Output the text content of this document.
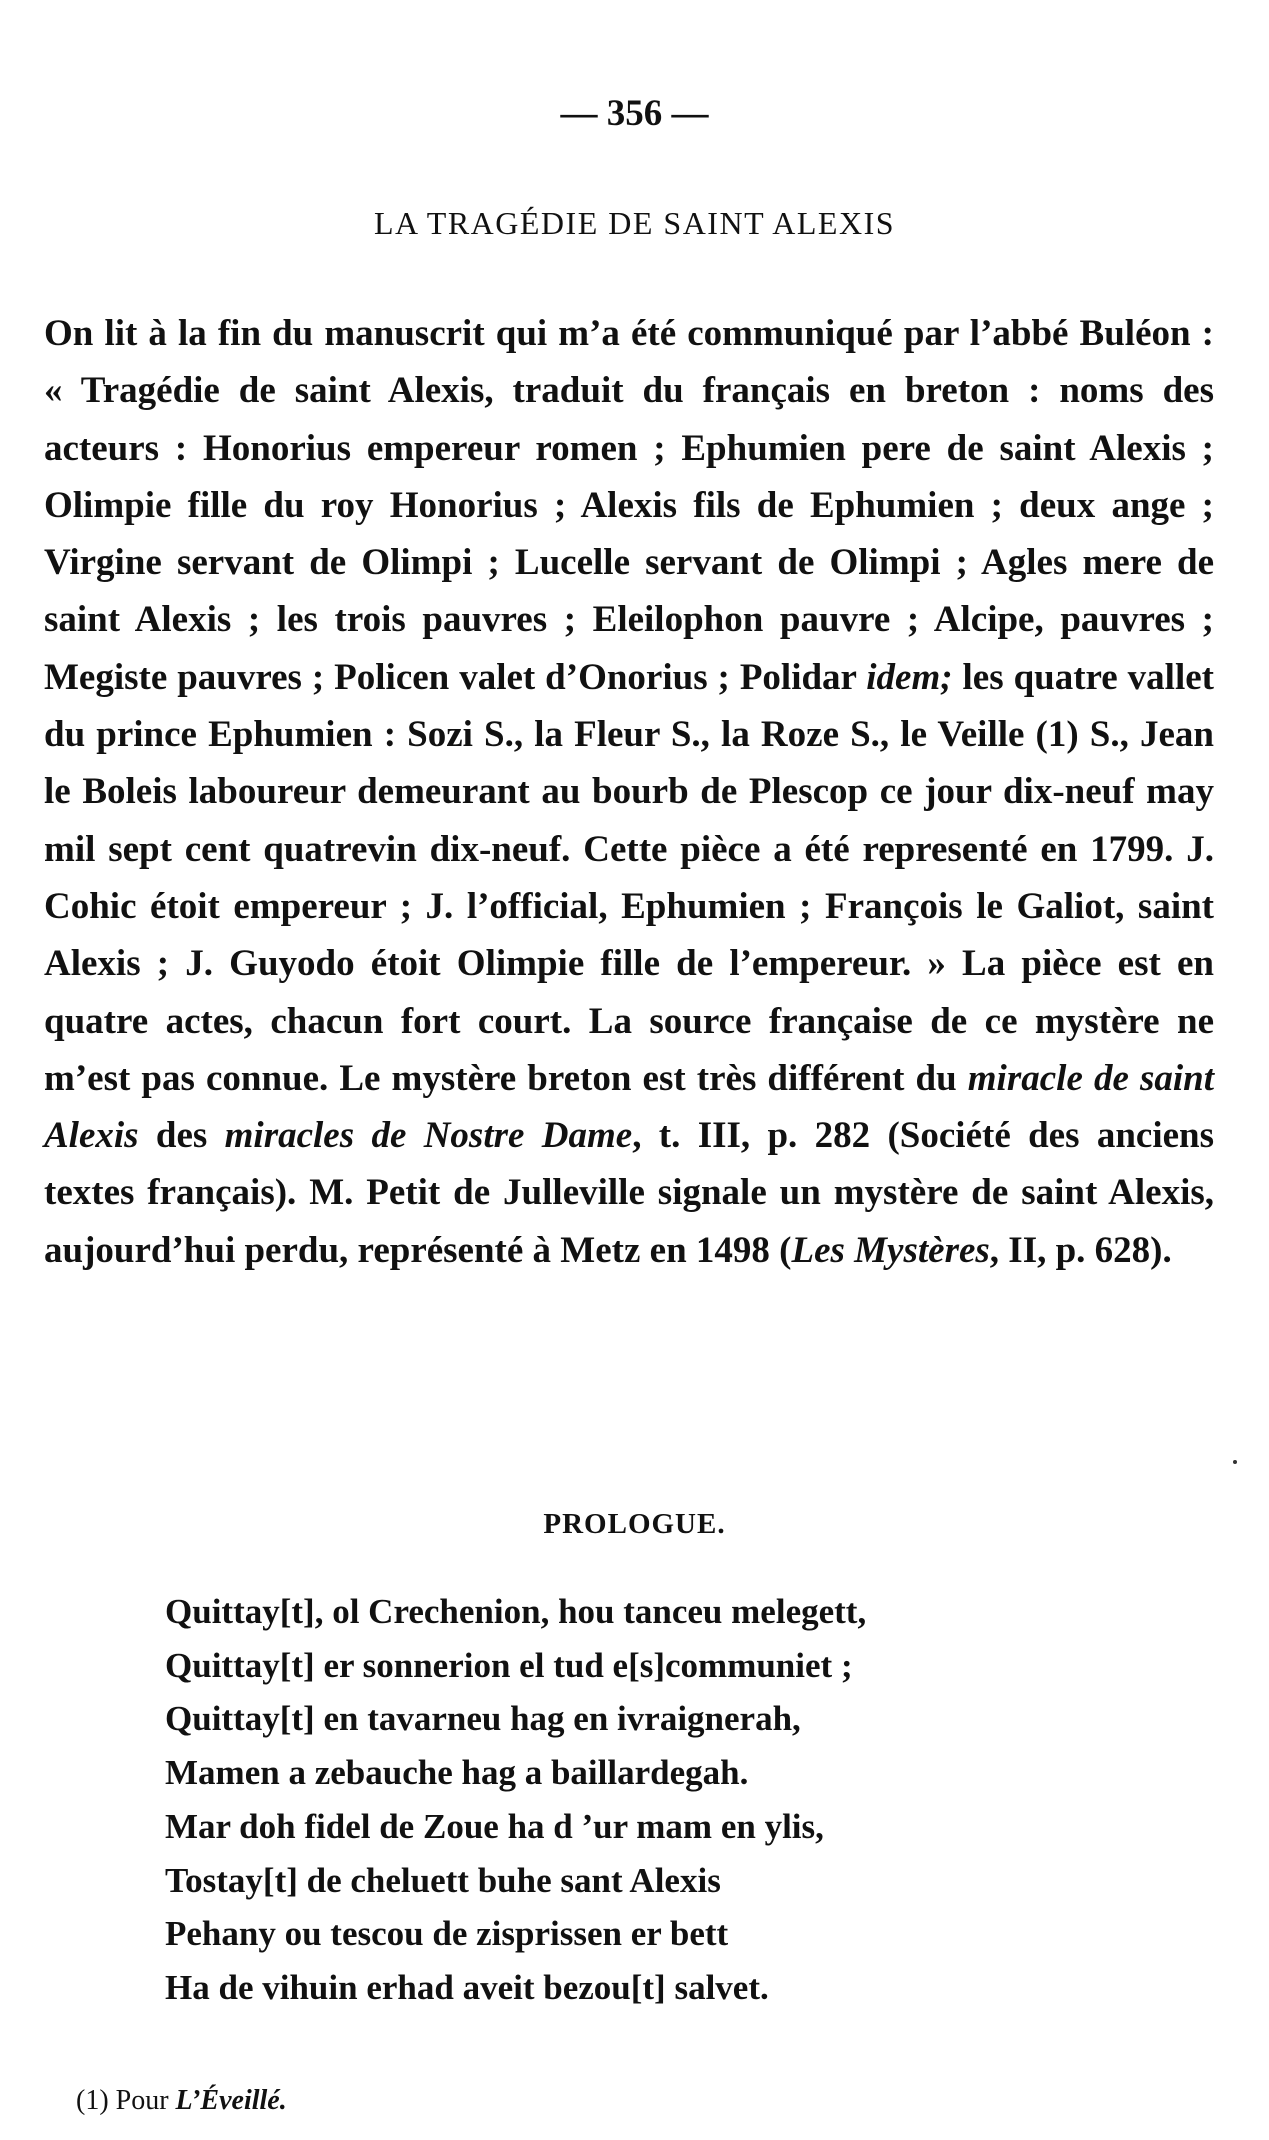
— 356 —
LA TRAGÉDIE DE SAINT ALEXIS
On lit à la fin du manuscrit qui m’a été communiqué par l’abbé Buléon : « Tragédie de saint Alexis, traduit du français en breton : noms des acteurs : Honorius empereur romen ; Ephumien pere de saint Alexis ; Olimpie fille du roy Honorius ; Alexis fils de Ephumien ; deux ange ; Virgine servant de Olimpi ; Lucelle servant de Olimpi ; Agles mere de saint Alexis ; les trois pauvres ; Eleilophon pauvre ; Alcipe, pauvres ; Megiste pauvres ; Policen valet d’Onorius ; Polidar idem; les quatre vallet du prince Ephumien : Sozi S., la Fleur S., la Roze S., le Veille (1) S., Jean le Boleis laboureur demeurant au bourb de Plescop ce jour dix-neuf may mil sept cent quatrevin dix-neuf. Cette pièce a été representé en 1799. J. Cohic étoit empereur ; J. l’official, Ephumien ; François le Galiot, saint Alexis ; J. Guyodo étoit Olimpie fille de l’empereur. » La pièce est en quatre actes, chacun fort court. La source française de ce mystère ne m’est pas connue. Le mystère breton est très différent du miracle de saint Alexis des miracles de Nostre Dame, t. III, p. 282 (Société des anciens textes français). M. Petit de Julleville signale un mystère de saint Alexis, aujourd’hui perdu, représenté à Metz en 1498 (Les Mystères, II, p. 628).
PROLOGUE.
Quittay[t], ol Crechenion, hou tanceu melegett,
Quittay[t] er sonnerion el tud e[s]communiet ;
Quittay[t] en tavarneu hag en ivraignerah,
Mamen a zebauche hag a baillardegah.
Mar doh fidel de Zoue ha d ’ur mam en ylis,
Tostay[t] de cheluett buhe sant Alexis
Pehany ou tescou de zisprissen er bett
Ha de vihuin erhad aveit bezou[t] salvet.
(1) Pour L’Éveillé.
